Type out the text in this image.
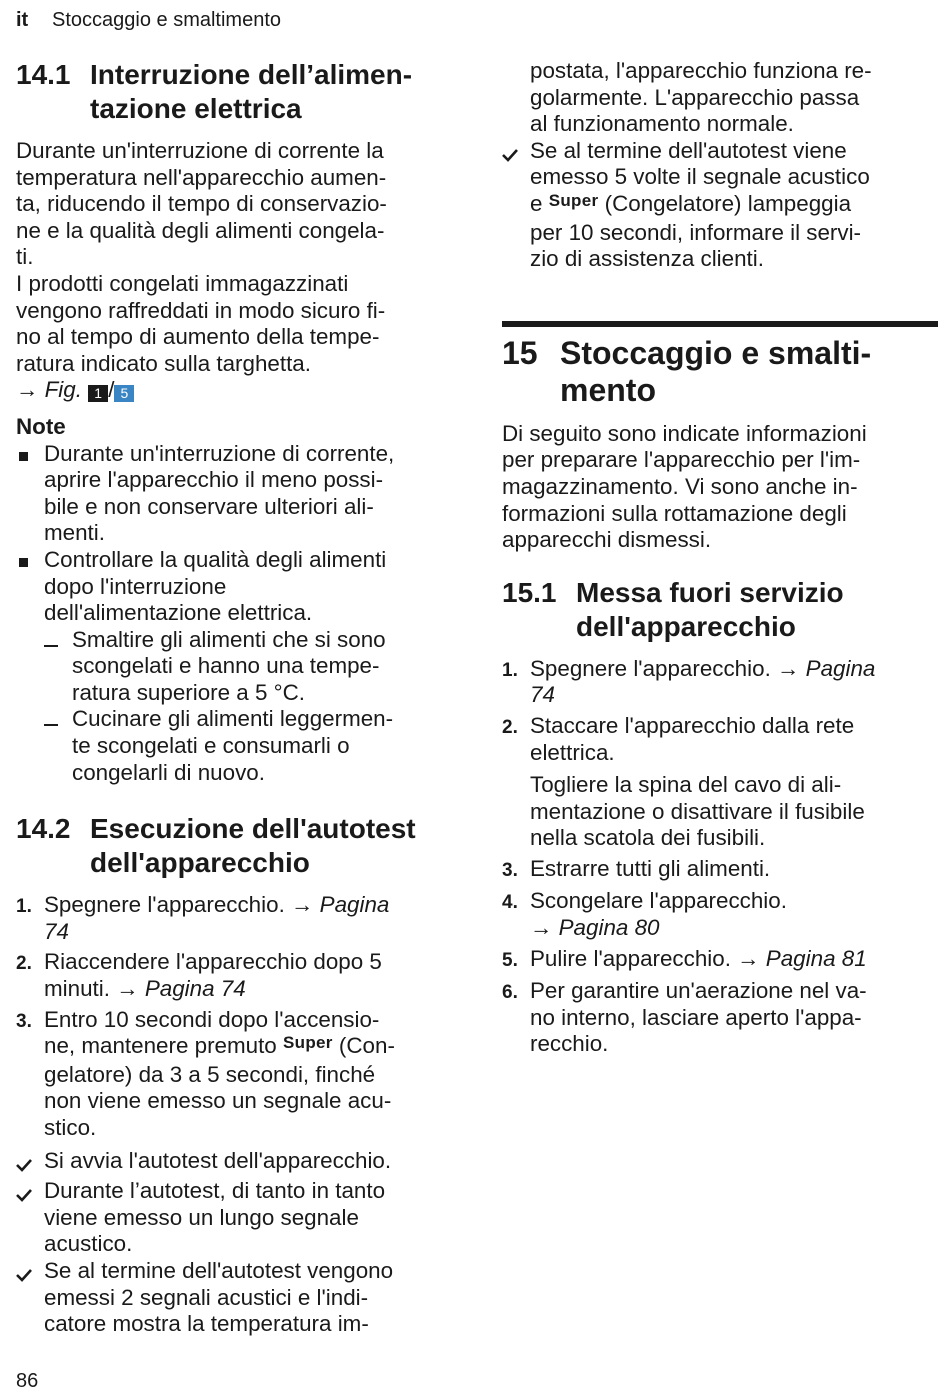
it Stoccaggio e smaltimento
14.1 Interruzione dell’alimen-
tazione elettrica
Durante un'interruzione di corrente la
temperatura nell'apparecchio aumen-
ta, riducendo il tempo di conservazio-
ne e la qualità degli alimenti congela-
ti.
I prodotti congelati immagazzinati
vengono raffreddati in modo sicuro fi-
no al tempo di aumento della tempe-
ratura indicato sulla targhetta.
→ Fig. 1 / 5
Note
Durante un'interruzione di corrente,
aprire l'apparecchio il meno possi-
bile e non conservare ulteriori ali-
menti.
Controllare la qualità degli alimenti
dopo l'interruzione
dell'alimentazione elettrica.
Smaltire gli alimenti che si sono
scongelati e hanno una tempe-
ratura superiore a 5 °C.
Cucinare gli alimenti leggermen-
te scongelati e consumarli o
congelarli di nuovo.
14.2 Esecuzione dell'autotest
dell'apparecchio
1. Spegnere l'apparecchio. → Pagina
74
2. Riaccendere l'apparecchio dopo 5
minuti. → Pagina 74
3. Entro 10 secondi dopo l'accensio-
ne, mantenere premuto $^{Super}$ (Con-
gelatore) da 3 a 5 secondi, finché
non viene emesso un segnale acu-
stico.
Si avvia l'autotest dell'apparecchio.
Durante l’autotest, di tanto in tanto
viene emesso un lungo segnale
acustico.
Se al termine dell'autotest vengono
emessi 2 segnali acustici e l'indi-
catore mostra la temperatura im-
postata, l'apparecchio funziona re-
golarmente. L'apparecchio passa
al funzionamento normale.
Se al termine dell'autotest viene
emesso 5 volte il segnale acustico
e $^{Super}$ (Congelatore) lampeggia
per 10 secondi, informare il servi-
zio di assistenza clienti.
15 Stoccaggio e smalti-
mento
Di seguito sono indicate informazioni
per preparare l'apparecchio per l'im-
magazzinamento. Vi sono anche in-
formazioni sulla rottamazione degli
apparecchi dismessi.
15.1 Messa fuori servizio
dell'apparecchio
1. Spegnere l'apparecchio. → Pagina
74
2. Staccare l'apparecchio dalla rete
elettrica.
Togliere la spina del cavo di ali-
mentazione o disattivare il fusibile
nella scatola dei fusibili.
3. Estrarre tutti gli alimenti.
4. Scongelare l'apparecchio.
→ Pagina 80
5. Pulire l'apparecchio. → Pagina 81
6. Per garantire un'aerazione nel va-
no interno, lasciare aperto l'appa-
recchio.
86
